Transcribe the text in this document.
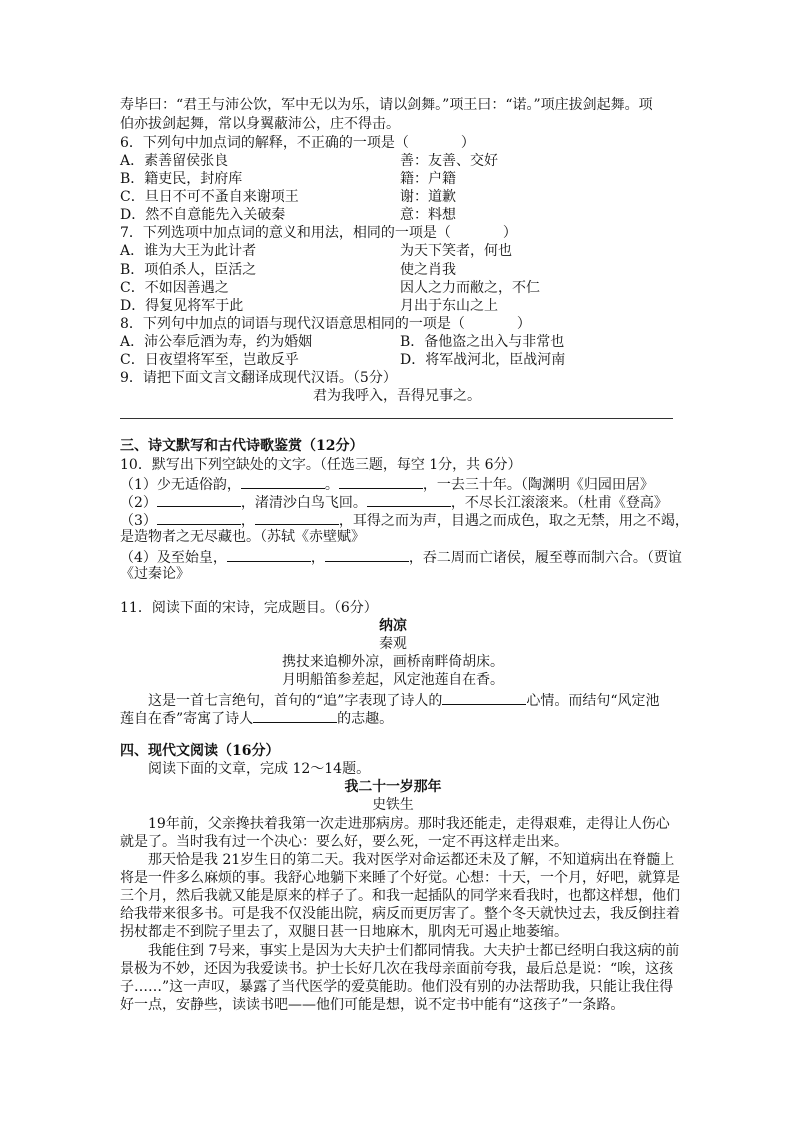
寿毕曰：“君王与沛公饮，军中无以为乐，请以剑舞。”项王曰：“诺。”项庄拔剑起舞。项
伯亦拔剑起舞，常以身翼蔽沛公，庄不得击。
6．下列句中加点词的解释，不正确的一项是（	）
A．素善留侯张良	善：友善、交好
B．籍吏民，封府库	籍：户籍
C．旦日不可不蚤自来谢项王	谢：道歉
D．然不自意能先入关破秦	意：料想
7．下列选项中加点词的意义和用法，相同的一项是（	）
A．谁为大王为此计者	为天下笑者，何也
B．项伯杀人，臣活之	使之肖我
C．不如因善遇之	因人之力而敝之，不仁
D．得复见将军于此	月出于东山之上
8．下列句中加点的词语与现代汉语意思相同的一项是（	）
A．沛公奉卮酒为寿，约为婚姻	B．备他盗之出入与非常也
C．日夜望将军至，岂敢反乎	D．将军战河北，臣战河南
9．请把下面文言文翻译成现代汉语。（5分）
君为我呼入，吾得兄事之。
三、诗文默写和古代诗歌鉴赏（12分）
10．默写出下列空缺处的文字。（任选三题，每空 1分，共 6分）
（1）少无适俗韵，	。	，一去三十年。（陶渊明《归园田居》
（2）	，渚清沙白鸟飞回。	，不尽长江滚滚来。（杜甫《登高》
（3）	，	，耳得之而为声，目遇之而成色，取之无禁，用之不竭，
是造物者之无尽藏也。（苏轼《赤壁赋》
（4）及至始皇，	，	，吞二周而亡诸侯，履至尊而制六合。（贾谊
《过秦论》
11．阅读下面的宋诗，完成题目。（6分）
纳凉
秦观
携扙来追柳外凉，画桥南畔倚胡床。
月明船笛参差起，风定池莲自在香。
这是一首七言绝句，首句的“追”字表现了诗人的	心情。而结句“风定池
莲自在香”寄寓了诗人	的志趣。
四、现代文阅读（16分）
阅读下面的文章，完成 12～14题。
我二十一岁那年
史铁生
19年前，父亲搀扶着我第一次走进那病房。那时我还能走，走得艰难，走得让人伤心
就是了。当时我有过一个决心：要么好，要么死，一定不再这样走出来。
那天恰是我 21岁生日的第二天。我对医学对命运都还未及了解，不知道病出在脊髓上
将是一件多么麻烦的事。我舒心地躺下来睡了个好觉。心想：十天，一个月，好吧，就算是
三个月，然后我就又能是原来的样子了。和我一起插队的同学来看我时，也都这样想，他们
给我带来很多书。可是我不仅没能出院，病反而更厉害了。整个冬天就快过去，我反倒拄着
拐杖都走不到院子里去了，双腿日甚一日地麻木，肌肉无可遏止地萎缩。
我能住到 7号来，事实上是因为大夫护士们都同情我。大夫护士都已经明白我这病的前
景极为不妙，还因为我爱读书。护士长好几次在我母亲面前夸我，最后总是说：“唉，这孩
子……”这一声叹，暴露了当代医学的爱莫能助。他们没有别的办法帮助我，只能让我住得
好一点，安静些，读读书吧——他们可能是想，说不定书中能有“这孩子”一条路。
